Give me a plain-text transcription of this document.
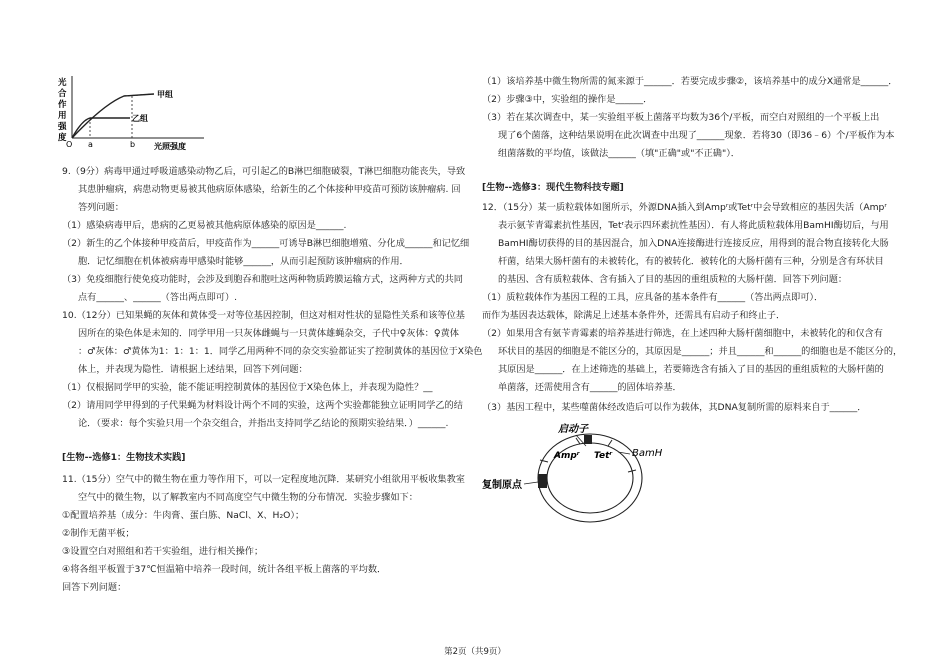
光
合
作
用
强
度
甲组
乙组
O a	b 光照强度
9.（9分）病毒甲通过呼吸道感染动物乙后，可引起乙的B淋巴细胞破裂，T淋巴细胞功能丧失，导致
其患肿瘤病，病患动物更易被其他病原体感染，给新生的乙个体接种甲疫苗可预防该肿瘤病. 回
答列问题：
（1）感染病毒甲后，患病的乙更易被其他病原体感染的原因是______.
（2）新生的乙个体接种甲疫苗后，甲疫苗作为______可诱导B淋巴细胞增殖、分化成______和记忆细
胞．记忆细胞在机体被病毒甲感染时能够______，从而引起预防该肿瘤病的作用．
（3）免疫细胞行使免疫功能时，会涉及到胞吞和胞吐这两种物质跨膜运输方式，这两种方式的共同
点有______、______（答出两点即可）.
10.（12分）已知果蝇的灰体和黄体受一对等位基因控制，但这对相对性状的显隐性关系和该等位基
因所在的染色体是未知的．同学甲用一只灰体雌蝇与一只黄体雄蝇杂交，子代中♀灰体：♀黄体
：♂灰体：♂黄体为1：1：1：1．同学乙用两种不同的杂交实验都证实了控制黄体的基因位于X染色
体上，并表现为隐性．请根据上述结果，回答下列问题：
（1）仅根据同学甲的实验，能不能证明控制黄体的基因位于X染色体上，并表现为隐性？__
（2）请用同学甲得到的子代果蝇为材料设计两个不同的实验，这两个实验都能独立证明同学乙的结
论．（要求：每个实验只用一个杂交组合，并指出支持同学乙结论的预期实验结果．）______.
[生物--选修1：生物技术实践]
11.（15分）空气中的微生物在重力等作用下，可以一定程度地沉降．某研究小组欲用平板收集教室
空气中的微生物，以了解教室内不同高度空气中微生物的分布情况．实验步骤如下：
①配置培养基（成分：牛肉膏、蛋白胨、NaCl、X、H₂O）；
②制作无菌平板；
③设置空白对照组和若干实验组，进行相关操作；
④将各组平板置于37℃恒温箱中培养一段时间，统计各组平板上菌落的平均数．
回答下列问题：
（1）该培养基中微生物所需的氮来源于______．若要完成步骤②，该培养基中的成分X通常是______．
（2）步骤③中，实验组的操作是______．
（3）若在某次调查中，某一实验组平板上菌落平均数为36个/平板，而空白对照组的一个平板上出
现了6个菌落，这种结果说明在此次调查中出现了______现象．若将30（即36﹣6）个/平板作为本
组菌落数的平均值，该做法______（填"正确"或"不正确"）．
[生物--选修3：现代生物科技专题]
12．（15分）某一质粒载体如图所示，外源DNA插入到Ampʳ或Tetʳ中会导致相应的基因失活（Ampʳ
表示氨苄青霉素抗性基因，Tetʳ表示四环素抗性基因）．有人将此质粒载体用BamHI酶切后，与用
BamHI酶切获得的目的基因混合，加入DNA连接酶进行连接反应，用得到的混合物直接转化大肠
杆菌，结果大肠杆菌有的未被转化，有的被转化．被转化的大肠杆菌有三种，分别是含有环状目
的基因、含有质粒载体、含有插入了目的基因的重组质粒的大肠杆菌．回答下列问题：
（1）质粒载体作为基因工程的工具，应具备的基本条件有______（答出两点即可）．
而作为基因表达载体，除满足上述基本条件外，还需具有启动子和终止子．
（2）如果用含有氨苄青霉素的培养基进行筛选，在上述四种大肠杆菌细胞中，未被转化的和仅含有
环状目的基因的细胞是不能区分的，其原因是______；并且______和______的细胞也是不能区分的，
其原因是______．在上述筛选的基础上，若要筛选含有插入了目的基因的重组质粒的大肠杆菌的
单菌落，还需使用含有______的固体培养基．
（3）基因工程中，某些噬菌体经改造后可以作为载体，其DNA复制所需的原料来自于______．
启动子
BamH
Ampʳ Tetʳ
复制原点
第2页（共9页）
